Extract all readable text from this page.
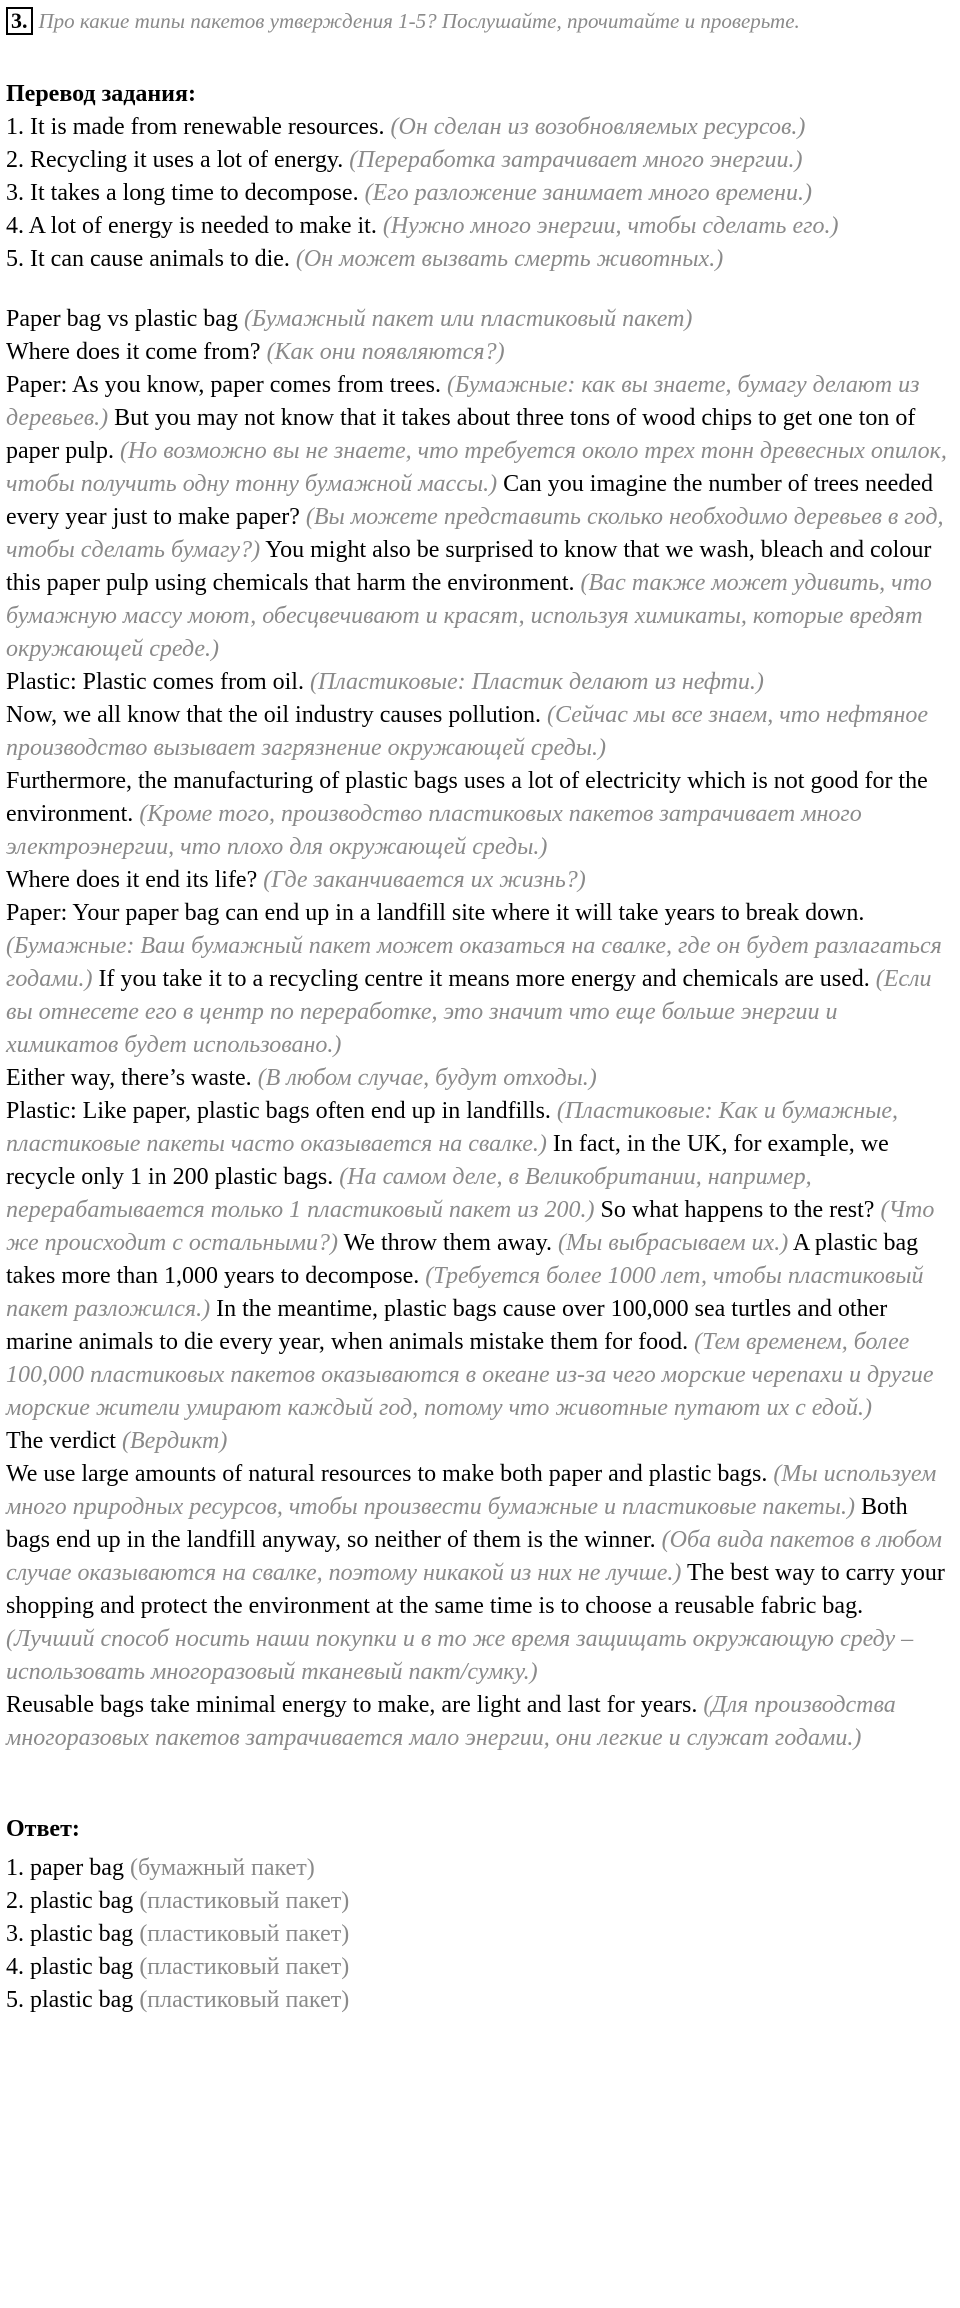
3. Про какие типы пакетов утверждения 1-5? Послушайте, прочитайте и проверьте.
Перевод задания:
1. It is made from renewable resources. (Он сделан из возобновляемых ресурсов.)
2. Recycling it uses a lot of energy. (Переработка затрачивает много энергии.)
3. It takes a long time to decompose. (Его разложение занимает много времени.)
4. A lot of energy is needed to make it. (Нужно много энергии, чтобы сделать его.)
5. It can cause animals to die. (Он может вызвать смерть животных.)
Paper bag vs plastic bag (Бумажный пакет или пластиковый пакет)
Where does it come from? (Как они появляются?)
Paper: As you know, paper comes from trees. (Бумажные: как вы знаете, бумагу делают из деревьев.) But you may not know that it takes about three tons of wood chips to get one ton of paper pulp. (Но возможно вы не знаете, что требуется около трех тонн древесных опилок, чтобы получить одну тонну бумажной массы.) Can you imagine the number of trees needed every year just to make paper? (Вы можете представить сколько необходимо деревьев в год, чтобы сделать бумагу?) You might also be surprised to know that we wash, bleach and colour this paper pulp using chemicals that harm the environment. (Вас также может удивить, что бумажную массу моют, обесцвечивают и красят, используя химикаты, которые вредят окружающей среде.)
Plastic: Plastic comes from oil. (Пластиковые: Пластик делают из нефти.)
Now, we all know that the oil industry causes pollution. (Сейчас мы все знаем, что нефтяное производство вызывает загрязнение окружающей среды.)
Furthermore, the manufacturing of plastic bags uses a lot of electricity which is not good for the environment. (Кроме того, производство пластиковых пакетов затрачивает много электроэнергии, что плохо для окружающей среды.)
Where does it end its life? (Где заканчивается их жизнь?)
Paper: Your paper bag can end up in a landfill site where it will take years to break down.(Бумажные: Ваш бумажный пакет может оказаться на свалке, где он будет разлагаться годами.) If you take it to a recycling centre it means more energy and chemicals are used. (Если вы отнесете его в центр по переработке, это значит что еще больше энергии и химикатов будет использовано.)
Either way, there’s waste. (В любом случае, будут отходы.)
Plastic: Like paper, plastic bags often end up in landfills. (Пластиковые: Как и бумажные, пластиковые пакеты часто оказывается на свалке.) In fact, in the UK, for example, we recycle only 1 in 200 plastic bags. (На самом деле, в Великобритании, например, перерабатывается только 1 пластиковый пакет из 200.) So what happens to the rest? (Что же происходит с остальными?) We throw them away. (Мы выбрасываем их.) A plastic bag takes more than 1,000 years to decompose. (Требуется более 1000 лет, чтобы пластиковый пакет разложился.)In the meantime, plastic bags cause over 100,000 sea turtles and other marine animals to die every year, when animals mistake them for food. (Тем временем, более 100,000 пластиковых пакетов оказываются в океане из-за чего морские черепахи и другие морские жители умирают каждый год, потому что животные путают их с едой.)
The verdict (Вердикт)
We use large amounts of natural resources to make both paper and plastic bags. (Мы используем много природных ресурсов, чтобы произвести бумажные и пластиковые пакеты.) Both bags end up in the landfill anyway, so neither of them is the winner. (Оба вида пакетов в любом случае оказываются на свалке, поэтому никакой из них не лучше.) The best way to carry your shopping and protect the environment at the same time is to choose a reusable fabric bag.(Лучший способ носить наши покупки и в то же время защищать окружающую среду – использовать многоразовый тканевый пакт/сумку.)
Reusable bags take minimal energy to make, are light and last for years. (Для производства многоразовых пакетов затрачивается мало энергии, они легкие и служат годами.)
Ответ:
1. paper bag (бумажный пакет)
2. plastic bag (пластиковый пакет)
3. plastic bag (пластиковый пакет)
4. plastic bag (пластиковый пакет)
5. plastic bag (пластиковый пакет)
